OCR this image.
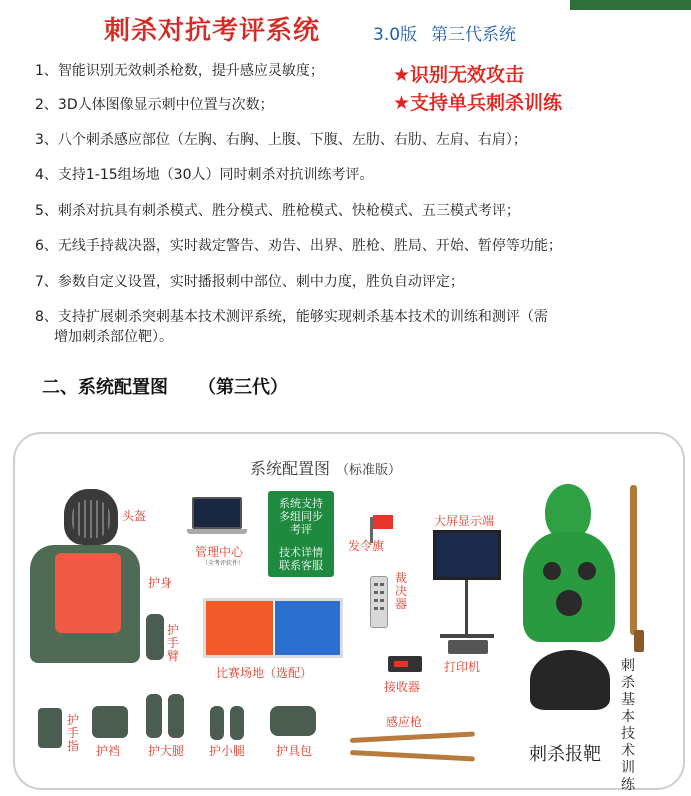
刺杀对抗考评系统	3.0版 第三代系统
1、智能识别无效刺杀枪数，提升感应灵敏度；
2、3D人体图像显示刺中位置与次数；
3、八个刺杀感应部位（左胸、右胸、上腹、下腹、左肋、右肋、左肩、右肩）；
4、支持1-15组场地（30人）同时刺杀对抗训练考评。
5、刺杀对抗具有刺杀模式、胜分模式、胜枪模式、快枪模式、五三模式考评；
6、无线手持裁决器，实时裁定警告、劝告、出界、胜枪、胜局、开始、暂停等功能；
7、参数自定义设置，实时播报刺中部位、刺中力度，胜负自动评定；
8、支持扩展刺杀突刺基本技术测评系统，能够实现刺杀基本技术的训练和测评（需
增加刺杀部位靶）。
★识别无效攻击
★支持单兵刺杀训练
二、系统配置图 （第三代）
系统配置图 （标准版）
头盔
护身
护手臂
护手指 护裆 护大腿 护小腿	护具包
管理中心
（全考评软件）
系统支持
多组同步
考评
技术详情
联系客服
比赛场地（选配）
发令旗
裁决器
大屏显示端
打印机
接收器
感应枪
刺杀报靶
刺杀基本技术训练
